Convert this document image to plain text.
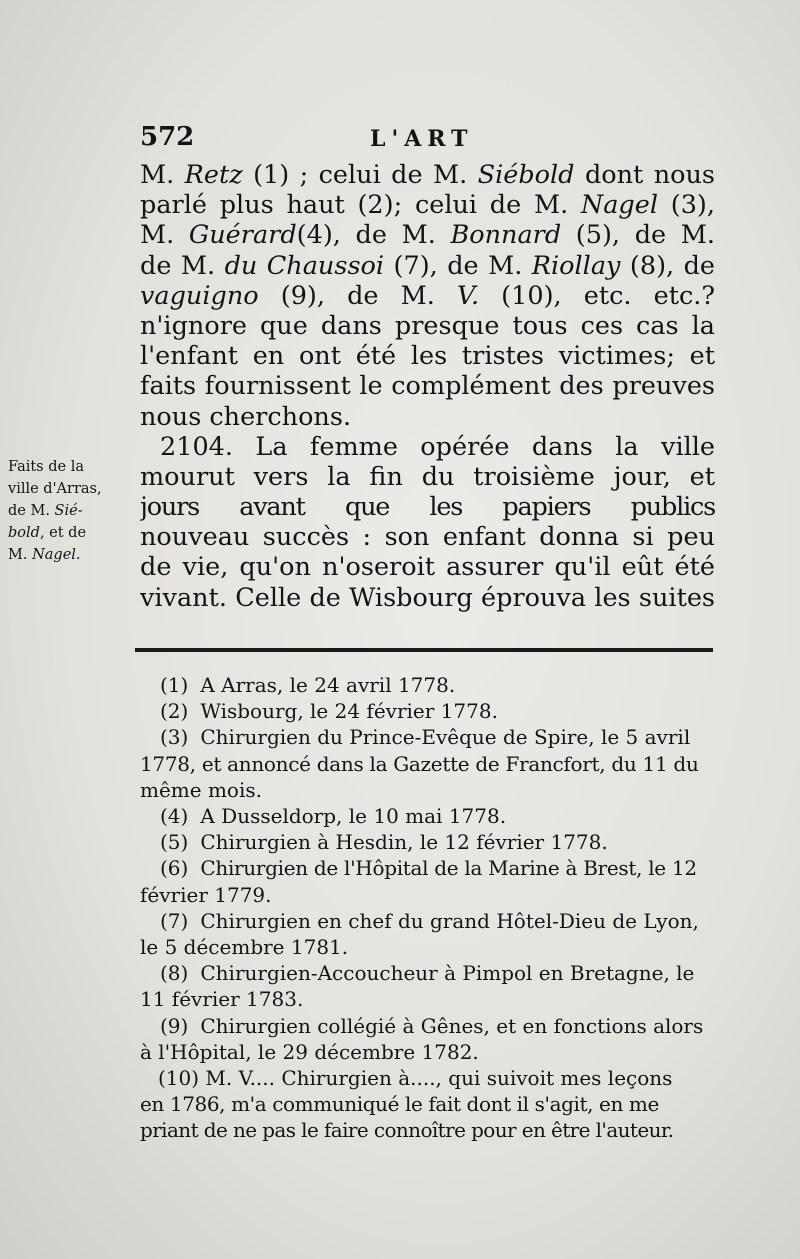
572	L'ART

M. Retz (1) ; celui de M. Siébold dont nous
parlé plus haut (2); celui de M. Nagel (3),
M. Guérard(4), de M. Bonnard (5), de M.
de M. du Chaussoi (7), de M. Riollay (8), de
vaguigno (9), de M. V. (10), etc. etc.?
n'ignore que dans presque tous ces cas la
l'enfant en ont été les tristes victimes; et
faits fournissent le complément des preuves
nous cherchons.

2104. La femme opérée dans la ville
mourut vers la fin du troisième jour, et
jours avant que les papiers publics
nouveau succès : son enfant donna si peu
de vie, qu'on n'oseroit assurer qu'il eût été
vivant. Celle de Wisbourg éprouva les suites

Faits de la
ville d'Arras,
de M. Sié-
bold, et de
M. Nagel.
(1) A Arras, le 24 avril 1778.
(2) Wisbourg, le 24 février 1778.
(3) Chirurgien du Prince-Evêque de Spire, le 5 avril
1778, et annoncé dans la Gazette de Francfort, du 11 du
même mois.
(4) A Dusseldorp, le 10 mai 1778.
(5) Chirurgien à Hesdin, le 12 février 1778.
(6) Chirurgien de l'Hôpital de la Marine à Brest, le 12
février 1779.
(7) Chirurgien en chef du grand Hôtel-Dieu de Lyon,
le 5 décembre 1781.
(8) Chirurgien-Accoucheur à Pimpol en Bretagne, le
11 février 1783.
(9) Chirurgien collégié à Gênes, et en fonctions alors
à l'Hôpital, le 29 décembre 1782.
(10) M. V.... Chirurgien à...., qui suivoit mes leçons
en 1786, m'a communiqué le fait dont il s'agit, en me
priant de ne pas le faire connoître pour en être l'auteur.
